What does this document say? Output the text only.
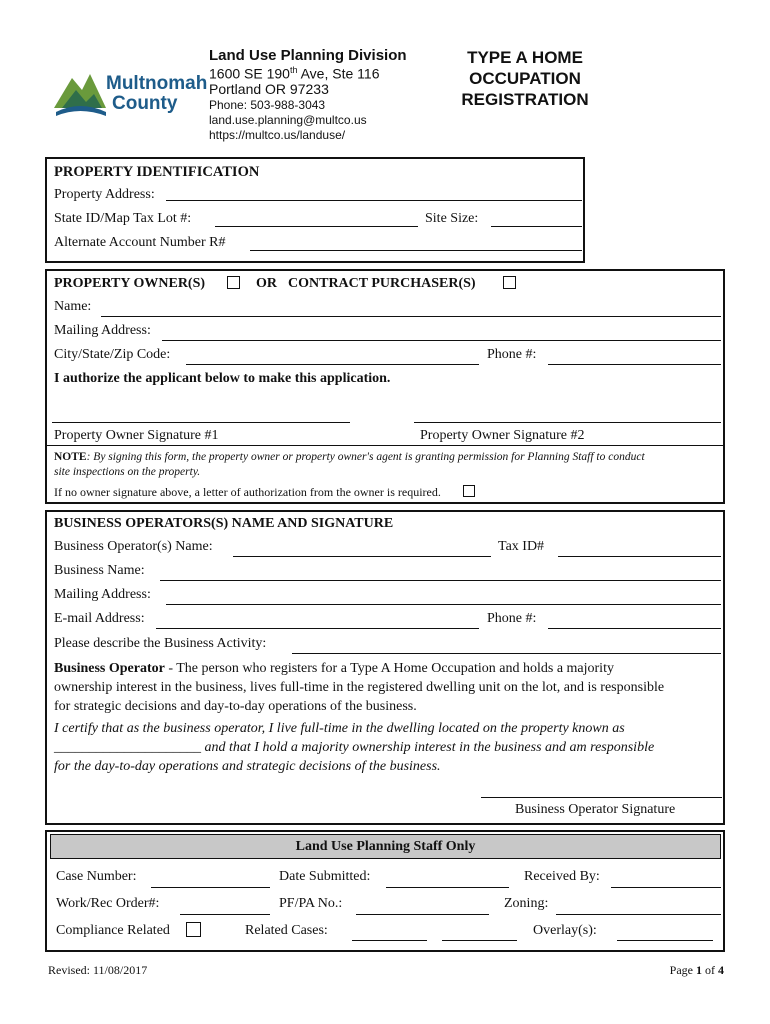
Multnomah
County
Land Use Planning Division
1600 SE 190th Ave, Ste 116
Portland OR 97233
Phone: 503-988-3043
land.use.planning@multco.us
https://multco.us/landuse/
TYPE A HOME
OCCUPATION
REGISTRATION
PROPERTY IDENTIFICATION
Property Address:
State ID/Map Tax Lot #:	Site Size:
Alternate Account Number R#
PROPERTY OWNER(S)	OR CONTRACT PURCHASER(S)
Name:
Mailing Address:
City/State/Zip Code:	Phone #:
I authorize the applicant below to make this application.
Property Owner Signature #1	Property Owner Signature #2
NOTE: By signing this form, the property owner or property owner's agent is granting permission for Planning Staff to conduct
site inspections on the property.
If no owner signature above, a letter of authorization from the owner is required.
BUSINESS OPERATORS(S) NAME AND SIGNATURE
Business Operator(s) Name:	Tax ID#
Business Name:
Mailing Address:
E-mail Address:	Phone #:
Please describe the Business Activity:
Business Operator - The person who registers for a Type A Home Occupation and holds a majority
ownership interest in the business, lives full-time in the registered dwelling unit on the lot, and is responsible
for strategic decisions and day-to-day operations of the business.
I certify that as the business operator, I live full-time in the dwelling located on the property known as
_____________________ and that I hold a majority ownership interest in the business and am responsible
for the day-to-day operations and strategic decisions of the business.
Business Operator Signature
Land Use Planning Staff Only
Case Number:	Date Submitted:	Received By:
Work/Rec Order#:	PF/PA No.:	Zoning:
Compliance Related	Related Cases:	Overlay(s):
Revised: 11/08/2017	Page 1 of 4
